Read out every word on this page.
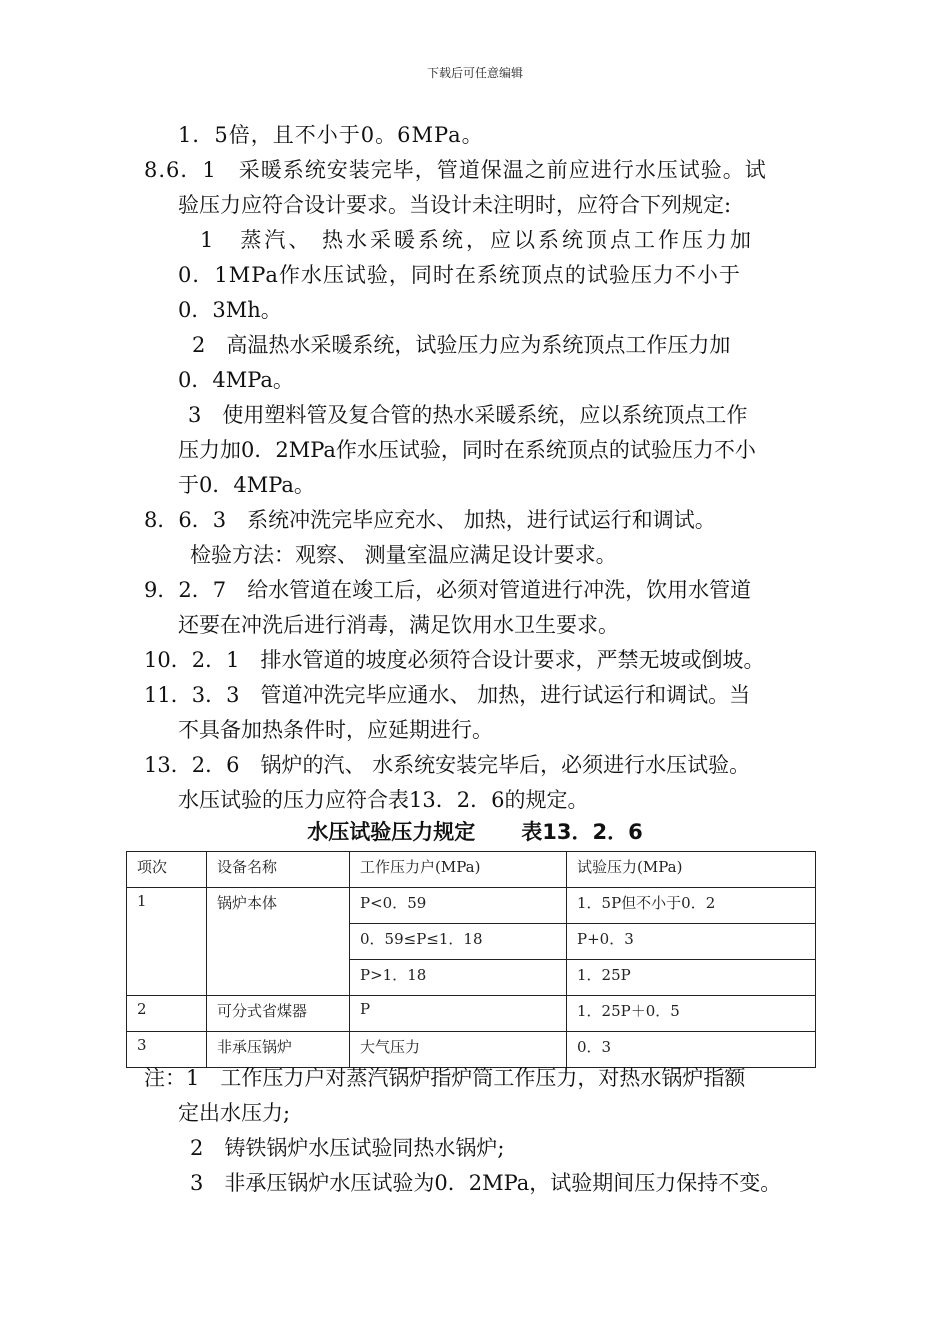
下载后可任意编辑
1．5倍，且不小于0。6MPa。
8.6．1　采暖系统安装完毕，管道保温之前应进行水压试验。试
验压力应符合设计要求。当设计未注明时，应符合下列规定:
1　蒸汽、 热水采暖系统，应以系统顶点工作压力加
0．1MPa作水压试验，同时在系统顶点的试验压力不小于
0．3Mh。
2　高温热水采暖系统，试验压力应为系统顶点工作压力加
0．4MPa。
3　使用塑料管及复合管的热水采暖系统，应以系统顶点工作
压力加0．2MPa作水压试验，同时在系统顶点的试验压力不小
于0．4MPa。
8．6．3　系统冲洗完毕应充水、 加热，进行试运行和调试。
检验方法：观察、 测量室温应满足设计要求。
9．2．7　给水管道在竣工后，必须对管道进行冲洗，饮用水管道
还要在冲洗后进行消毒，满足饮用水卫生要求。
10．2．1　排水管道的坡度必须符合设计要求，严禁无坡或倒坡。
11．3．3　管道冲洗完毕应通水、 加热，进行试运行和调试。当
不具备加热条件时，应延期进行。
13．2．6　锅炉的汽、 水系统安装完毕后，必须进行水压试验。
水压试验的压力应符合表13．2．6的规定。
水压试验压力规定 表13．2．6
项次	设备名称	工作压力户(MPa)	试验压力(MPa)
1	锅炉本体	P<0．59	1．5P但不小于0．2
		0．59≤P≤1．18	P+0．3
		P>1．18	1．25P
2	可分式省煤器	P	1．25P＋0．5
3	非承压锅炉	大气压力	0．3
注：1　工作压力户对蒸汽锅炉指炉筒工作压力，对热水锅炉指额
定出水压力;
2　铸铁锅炉水压试验同热水锅炉;
3　非承压锅炉水压试验为0．2MPa，试验期间压力保持不变。
